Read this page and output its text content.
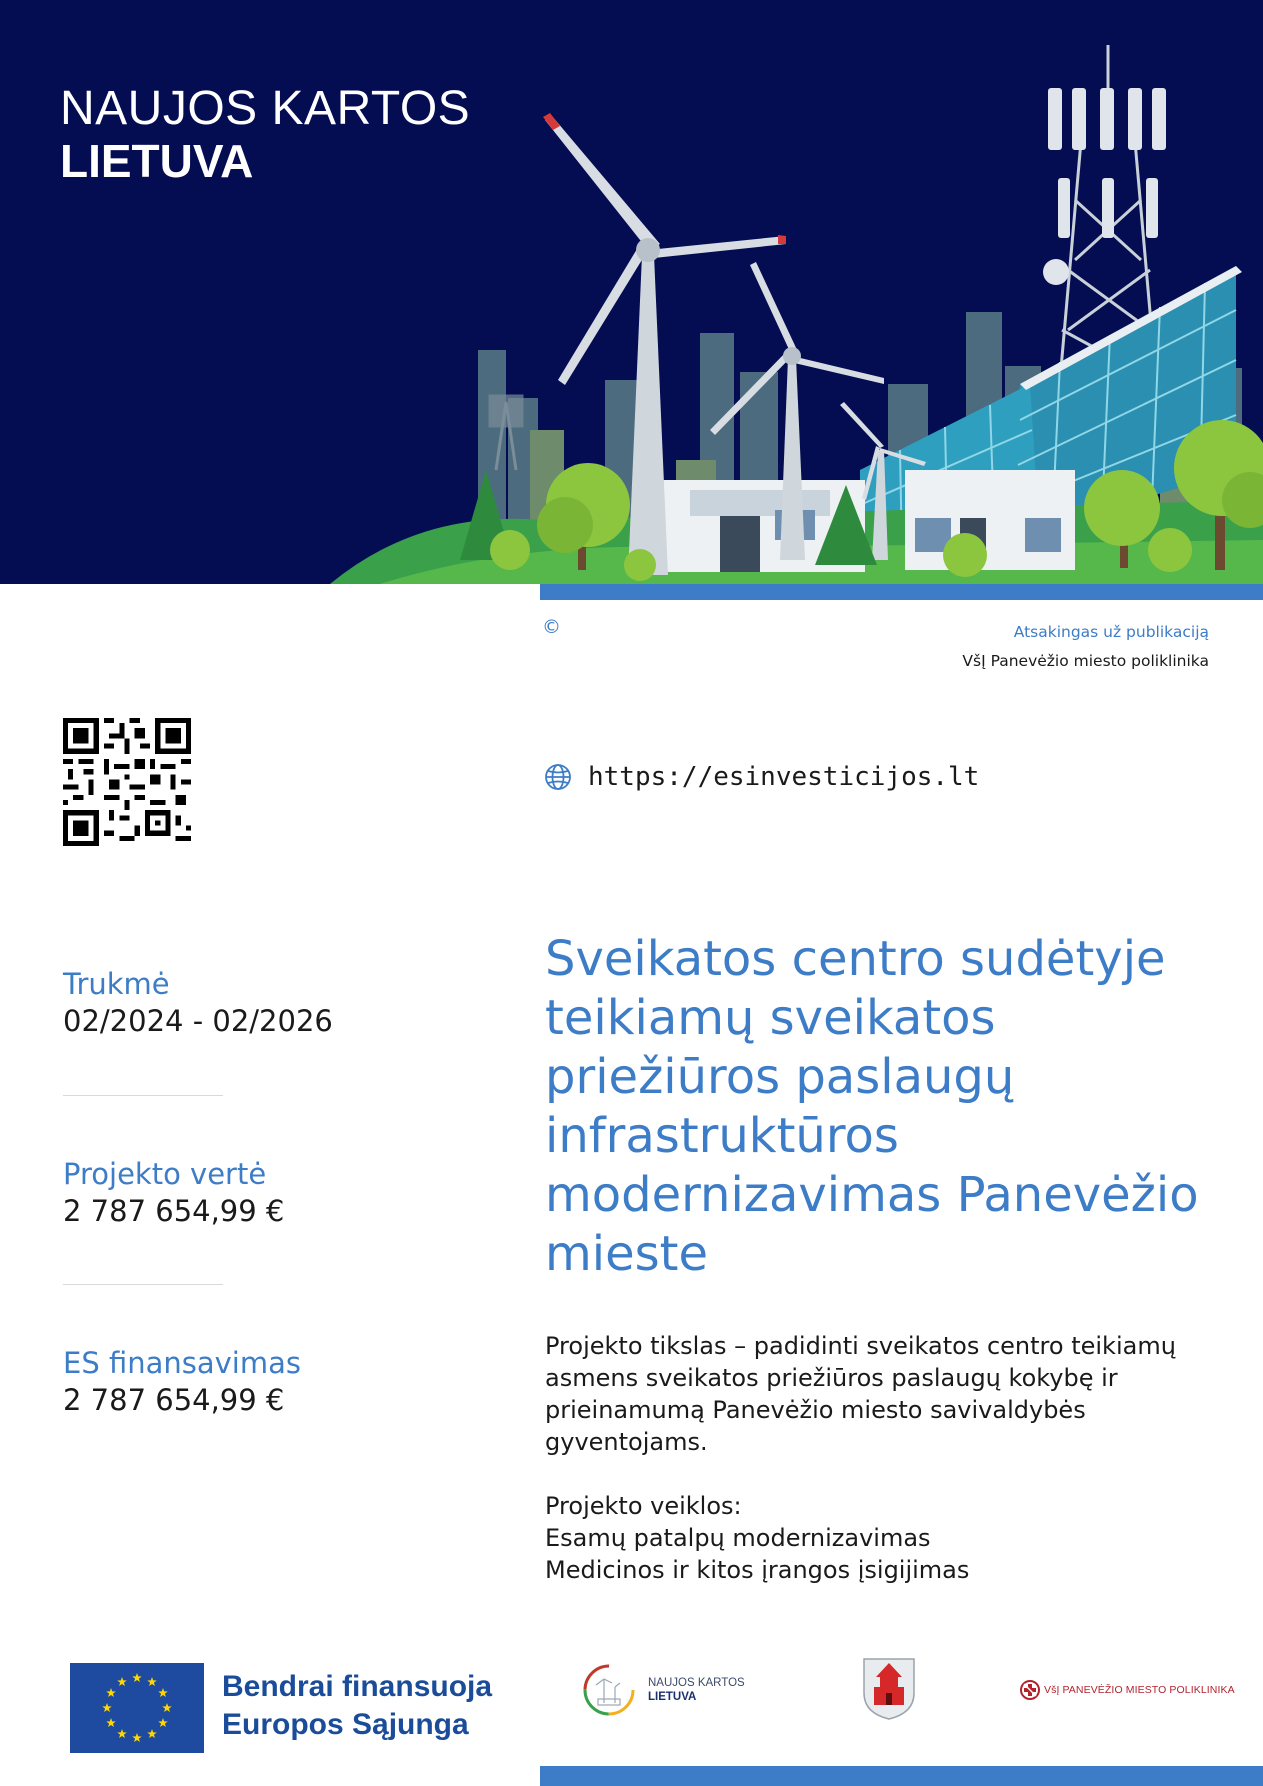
NAUJOS KARTOS
LIETUVA
©	Atsakingas už publikaciją
VšĮ Panevėžio miesto poliklinika
https://esinvesticijos.lt
Trukmė
02/2024 - 02/2026
Projekto vertė
2 787 654,99 €
ES finansavimas
2 787 654,99 €
Sveikatos centro sudėtyje teikiamų sveikatos priežiūros paslaugų infrastruktūros modernizavimas Panevėžio mieste

Projekto tikslas – padidinti sveikatos centro teikiamų asmens sveikatos priežiūros paslaugų kokybę ir prieinamumą Panevėžio miesto savivaldybės gyventojams.

Projekto veiklos:
Esamų patalpų modernizavimas
Medicinos ir kitos įrangos įsigijimas
Bendrai finansuoja
Europos Sąjunga
NAUJOS KARTOS
LIETUVA
VšĮ PANEVĖŽIO MIESTO POLIKLINIKA
